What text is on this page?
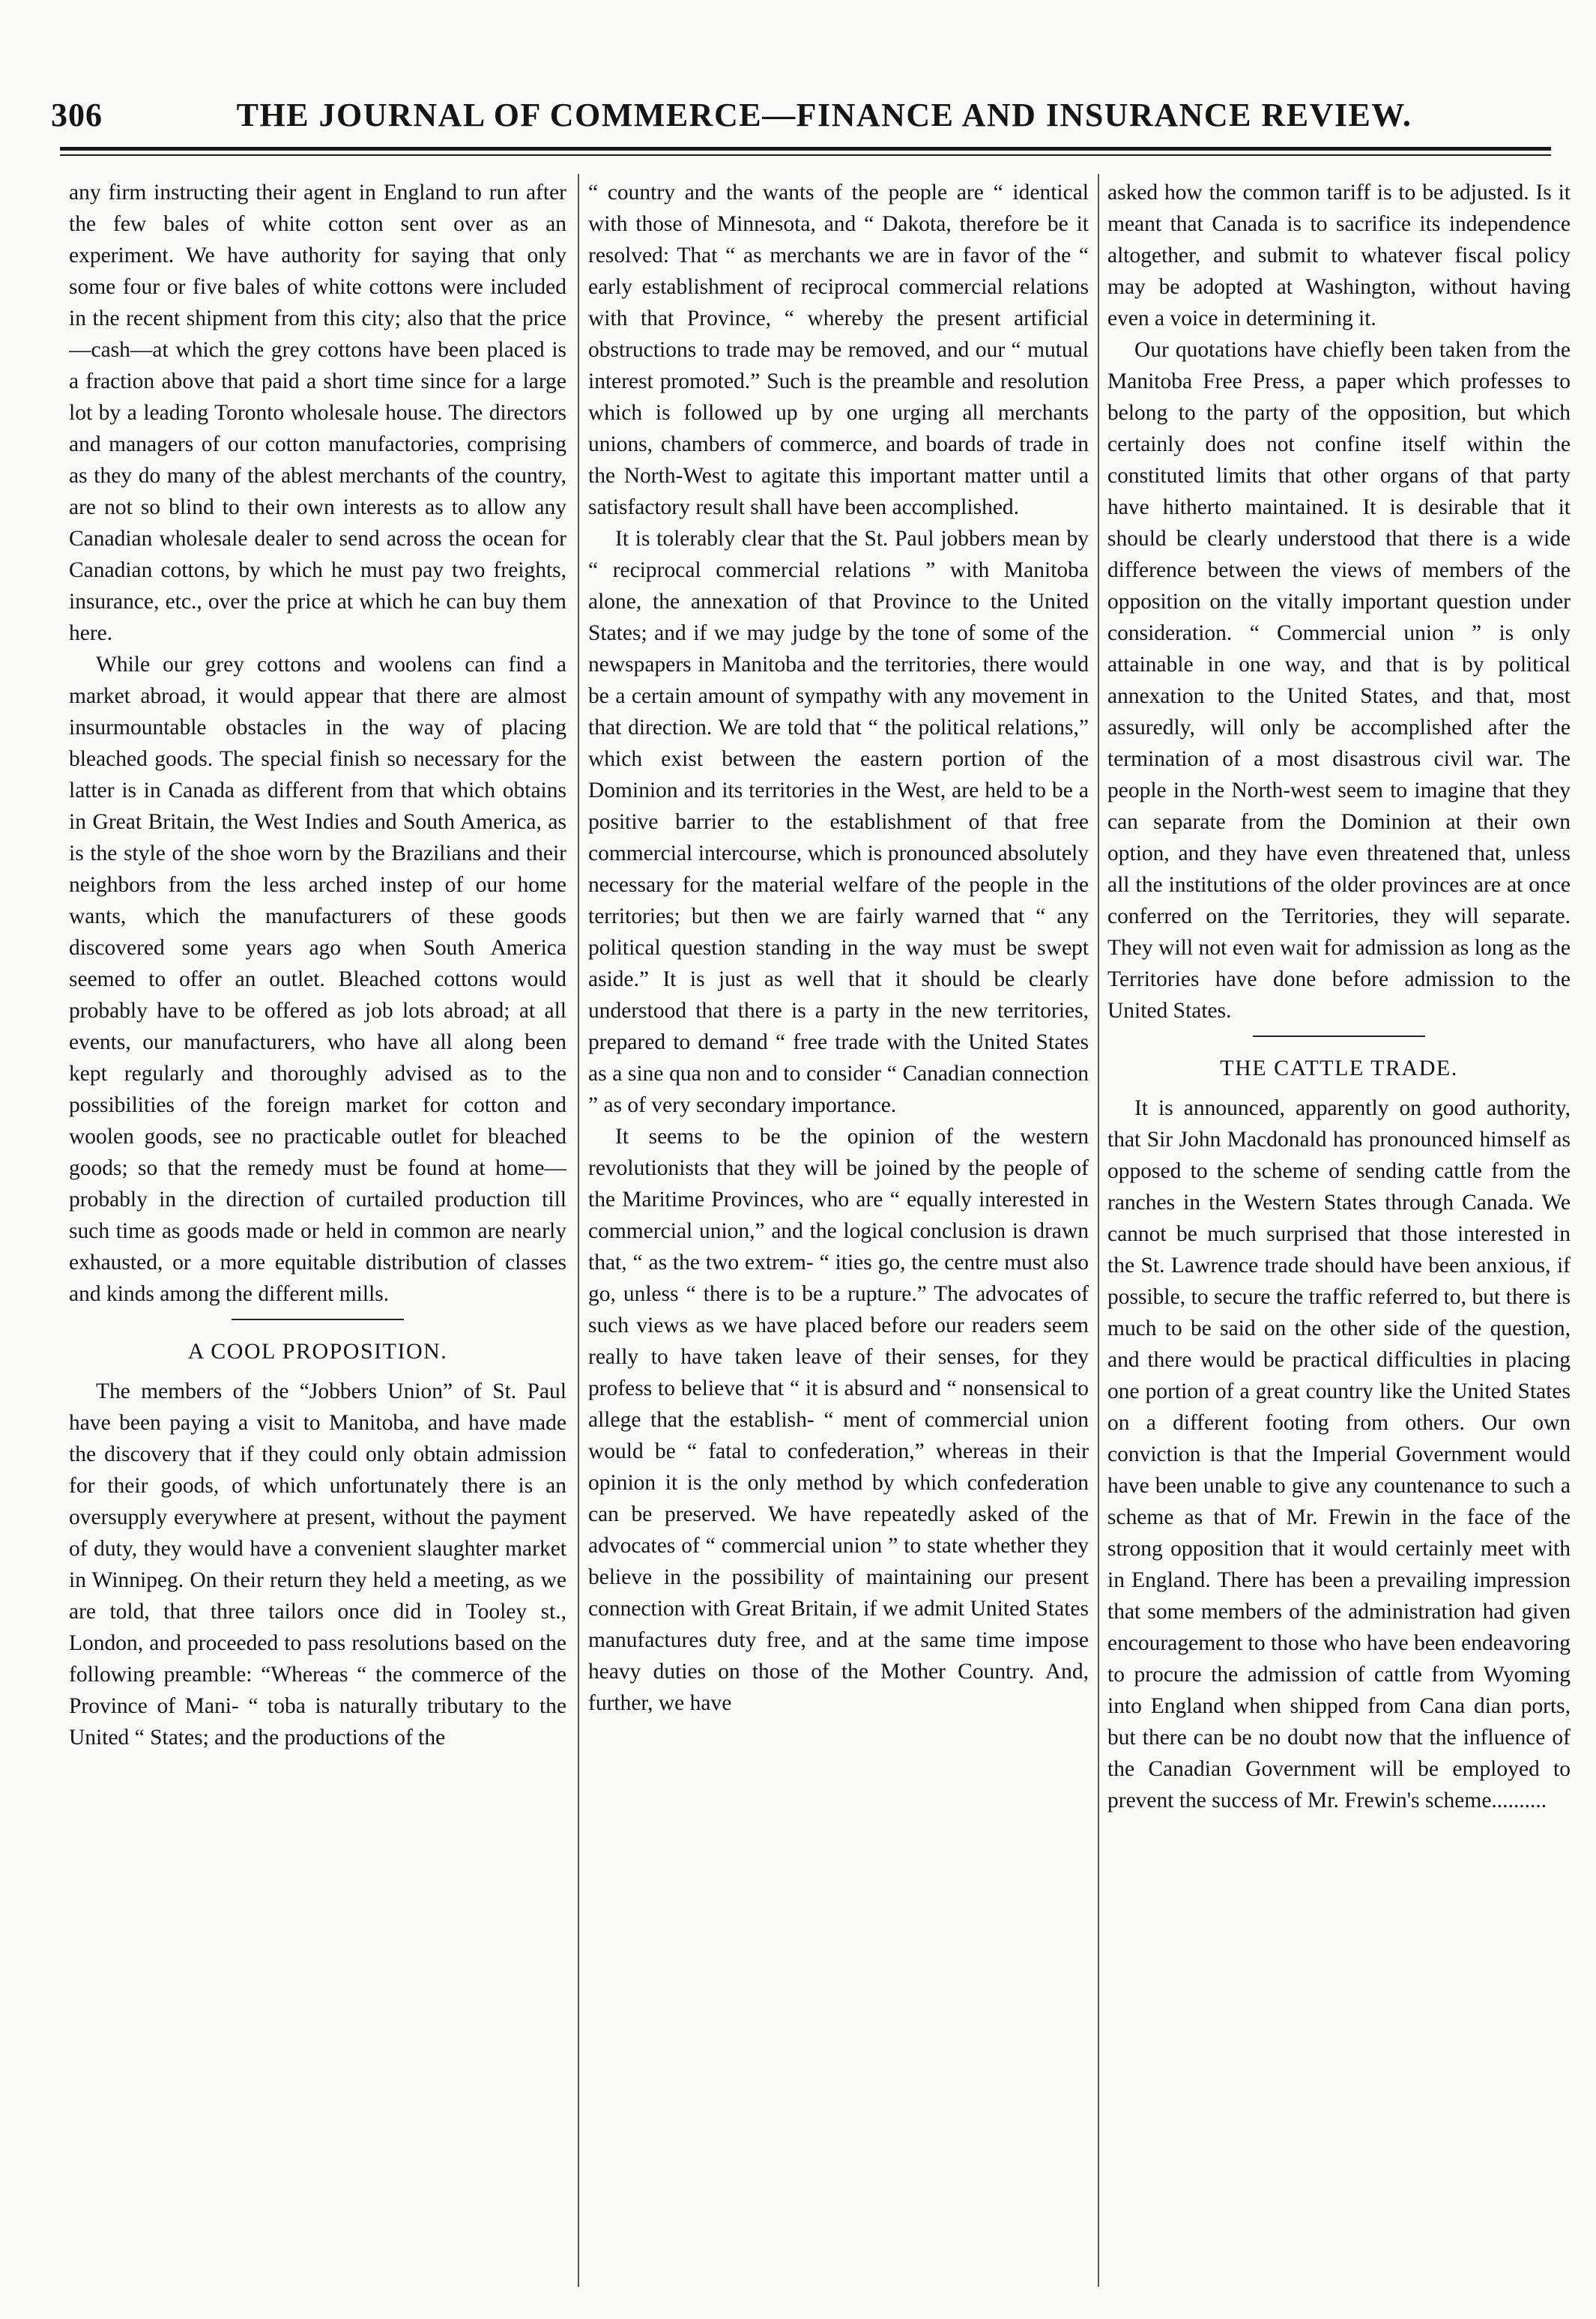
306	THE JOURNAL OF COMMERCE—FINANCE AND INSURANCE REVIEW.

any firm instructing their agent in England to run after the few bales of white cotton sent over as an experiment. We have authority for saying that only some four or five bales of white cottons were included in the recent shipment from this city; also that the price—cash—at which the grey cottons have been placed is a fraction above that paid a short time since for a large lot by a leading Toronto wholesale house. The directors and managers of our cotton manufactories, comprising as they do many of the ablest merchants of the country, are not so blind to their own interests as to allow any Canadian wholesale dealer to send across the ocean for Canadian cottons, by which he must pay two freights, insurance, etc., over the price at which he can buy them here.

While our grey cottons and woolens can find a market abroad, it would appear that there are almost insurmountable obstacles in the way of placing bleached goods. The special finish so necessary for the latter is in Canada as different from that which obtains in Great Britain, the West Indies and South America, as is the style of the shoe worn by the Brazilians and their neighbors from the less arched instep of our home wants, which the manufacturers of these goods discovered some years ago when South America seemed to offer an outlet. Bleached cottons would probably have to be offered as job lots abroad; at all events, our manufacturers, who have all along been kept regularly and thoroughly advised as to the possibilities of the foreign market for cotton and woolen goods, see no practicable outlet for bleached goods; so that the remedy must be found at home—probably in the direction of curtailed production till such time as goods made or held in common are nearly exhausted, or a more equitable distribution of classes and kinds among the different mills.

A COOL PROPOSITION.

The members of the “Jobbers Union” of St. Paul have been paying a visit to Manitoba, and have made the discovery that if they could only obtain admission for their goods, of which unfortunately there is an oversupply everywhere at present, without the payment of duty, they would have a convenient slaughter market in Winnipeg. On their return they held a meeting, as we are told, that three tailors once did in Tooley st., London, and proceeded to pass resolutions based on the following preamble: “Whereas “ the commerce of the Province of Mani- “ toba is naturally tributary to the United “ States; and the productions of the

“ country and the wants of the people are “ identical with those of Minnesota, and “ Dakota, therefore be it resolved: That “ as merchants we are in favor of the “ early establishment of reciprocal commercial relations with that Province, “ whereby the present artificial obstructions to trade may be removed, and our “ mutual interest promoted.” Such is the preamble and resolution which is followed up by one urging all merchants unions, chambers of commerce, and boards of trade in the North-West to agitate this important matter until a satisfactory result shall have been accomplished.

It is tolerably clear that the St. Paul jobbers mean by “ reciprocal commercial relations ” with Manitoba alone, the annexation of that Province to the United States; and if we may judge by the tone of some of the newspapers in Manitoba and the territories, there would be a certain amount of sympathy with any movement in that direction. We are told that “ the political relations,” which exist between the eastern portion of the Dominion and its territories in the West, are held to be a positive barrier to the establishment of that free commercial intercourse, which is pronounced absolutely necessary for the material welfare of the people in the territories; but then we are fairly warned that “ any political question standing in the way must be swept aside.” It is just as well that it should be clearly understood that there is a party in the new territories, prepared to demand “ free trade with the United States as a sine qua non and to consider “ Canadian connection ” as of very secondary importance.

It seems to be the opinion of the western revolutionists that they will be joined by the people of the Maritime Provinces, who are “ equally interested in commercial union,” and the logical conclusion is drawn that, “ as the two extrem- “ ities go, the centre must also go, unless “ there is to be a rupture.” The advocates of such views as we have placed before our readers seem really to have taken leave of their senses, for they profess to believe that “ it is absurd and “ nonsensical to allege that the establish- “ ment of commercial union would be “ fatal to confederation,” whereas in their opinion it is the only method by which confederation can be preserved. We have repeatedly asked of the advocates of “ commercial union ” to state whether they believe in the possibility of maintaining our present connection with Great Britain, if we admit United States manufactures duty free, and at the same time impose heavy duties on those of the Mother Country. And, further, we have

asked how the common tariff is to be adjusted. Is it meant that Canada is to sacrifice its independence altogether, and submit to whatever fiscal policy may be adopted at Washington, without having even a voice in determining it.

Our quotations have chiefly been taken from the Manitoba Free Press, a paper which professes to belong to the party of the opposition, but which certainly does not confine itself within the constituted limits that other organs of that party have hitherto maintained. It is desirable that it should be clearly understood that there is a wide difference between the views of members of the opposition on the vitally important question under consideration. “ Commercial union ” is only attainable in one way, and that is by political annexation to the United States, and that, most assuredly, will only be accomplished after the termination of a most disastrous civil war. The people in the North-west seem to imagine that they can separate from the Dominion at their own option, and they have even threatened that, unless all the institutions of the older provinces are at once conferred on the Territories, they will separate. They will not even wait for admission as long as the Territories have done before admission to the United States.

THE CATTLE TRADE.

It is announced, apparently on good authority, that Sir John Macdonald has pronounced himself as opposed to the scheme of sending cattle from the ranches in the Western States through Canada. We cannot be much surprised that those interested in the St. Lawrence trade should have been anxious, if possible, to secure the traffic referred to, but there is much to be said on the other side of the question, and there would be practical difficulties in placing one portion of a great country like the United States on a different footing from others. Our own conviction is that the Imperial Government would have been unable to give any countenance to such a scheme as that of Mr. Frewin in the face of the strong opposition that it would certainly meet with in England. There has been a prevailing impression that some members of the administration had given encouragement to those who have been endeavoring to procure the admission of cattle from Wyoming into England when shipped from Cana dian ports, but there can be no doubt now that the influence of the Canadian Government will be employed to prevent the success of Mr. Frewin's scheme..........
